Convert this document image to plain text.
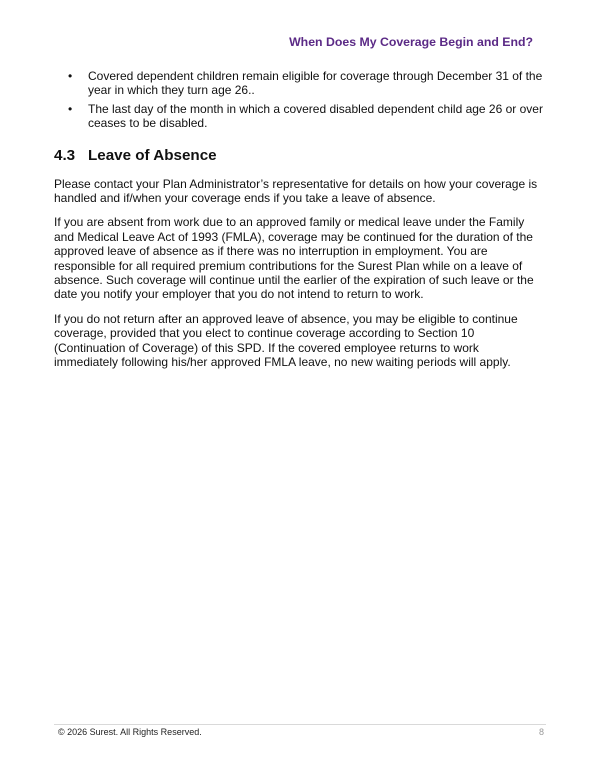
When Does My Coverage Begin and End?
• Covered dependent children remain eligible for coverage through December 31 of the year in which they turn age 26..
• The last day of the month in which a covered disabled dependent child age 26 or over ceases to be disabled.
4.3 Leave of Absence

Please contact your Plan Administrator’s representative for details on how your coverage is handled and if/when your coverage ends if you take a leave of absence.

If you are absent from work due to an approved family or medical leave under the Family and Medical Leave Act of 1993 (FMLA), coverage may be continued for the duration of the approved leave of absence as if there was no interruption in employment. You are responsible for all required premium contributions for the Surest Plan while on a leave of absence. Such coverage will continue until the earlier of the expiration of such leave or the date you notify your employer that you do not intend to return to work.

If you do not return after an approved leave of absence, you may be eligible to continue coverage, provided that you elect to continue coverage according to Section 10 (Continuation of Coverage) of this SPD. If the covered employee returns to work immediately following his/her approved FMLA leave, no new waiting periods will apply.

© 2026 Surest. All Rights Reserved.	8
